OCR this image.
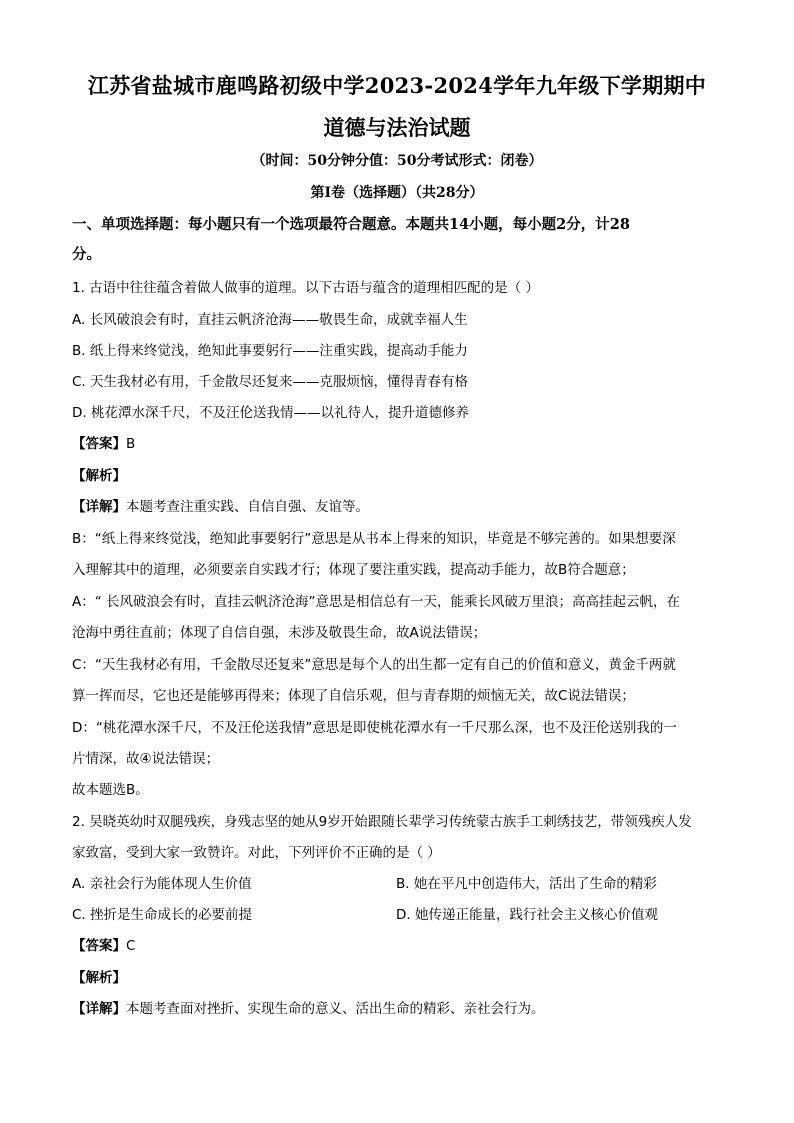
江苏省盐城市鹿鸣路初级中学2023-2024学年九年级下学期期中
道德与法治试题
（时间：50分钟分值：50分考试形式：闭卷）
第Ⅰ卷（选择题）（共28分）
一、单项选择题：每小题只有一个选项最符合题意。本题共14小题，每小题2分，计28
分。
1. 古语中往往蕴含着做人做事的道理。以下古语与蕴含的道理相匹配的是（ ）
A. 长风破浪会有时，直挂云帆济沧海——敬畏生命，成就幸福人生
B. 纸上得来终觉浅，绝知此事要躬行——注重实践，提高动手能力
C. 天生我材必有用，千金散尽还复来——克服烦恼，懂得青春有格
D. 桃花潭水深千尺，不及汪伦送我情——以礼待人，提升道德修养
【答案】B
【解析】
【详解】本题考查注重实践、自信自强、友谊等。
B：“纸上得来终觉浅，绝知此事要躬行”意思是从书本上得来的知识，毕竟是不够完善的。如果想要深
入理解其中的道理，必须要亲自实践才行；体现了要注重实践，提高动手能力，故B符合题意；
A：“ 长风破浪会有时，直挂云帆济沧海”意思是相信总有一天，能乘长风破万里浪；高高挂起云帆，在
沧海中勇往直前；体现了自信自强，未涉及敬畏生命，故A说法错误；
C：“天生我材必有用，千金散尽还复来”意思是每个人的出生都一定有自己的价值和意义，黄金千两就
算一挥而尽，它也还是能够再得来；体现了自信乐观，但与青春期的烦恼无关，故C说法错误；
D：“桃花潭水深千尺，不及汪伦送我情”意思是即使桃花潭水有一千尺那么深，也不及汪伦送别我的一
片情深，故④说法错误；
故本题选B。
2. 吴晓英幼时双腿残疾，身残志坚的她从9岁开始跟随长辈学习传统蒙古族手工刺绣技艺，带领残疾人发
家致富，受到大家一致赞许。对此，下列评价不正确的是（ ）
A. 亲社会行为能体现人生价值	B. 她在平凡中创造伟大，活出了生命的精彩
C. 挫折是生命成长的必要前提	D. 她传递正能量，践行社会主义核心价值观
【答案】C
【解析】
【详解】本题考查面对挫折、实现生命的意义、活出生命的精彩、亲社会行为。
